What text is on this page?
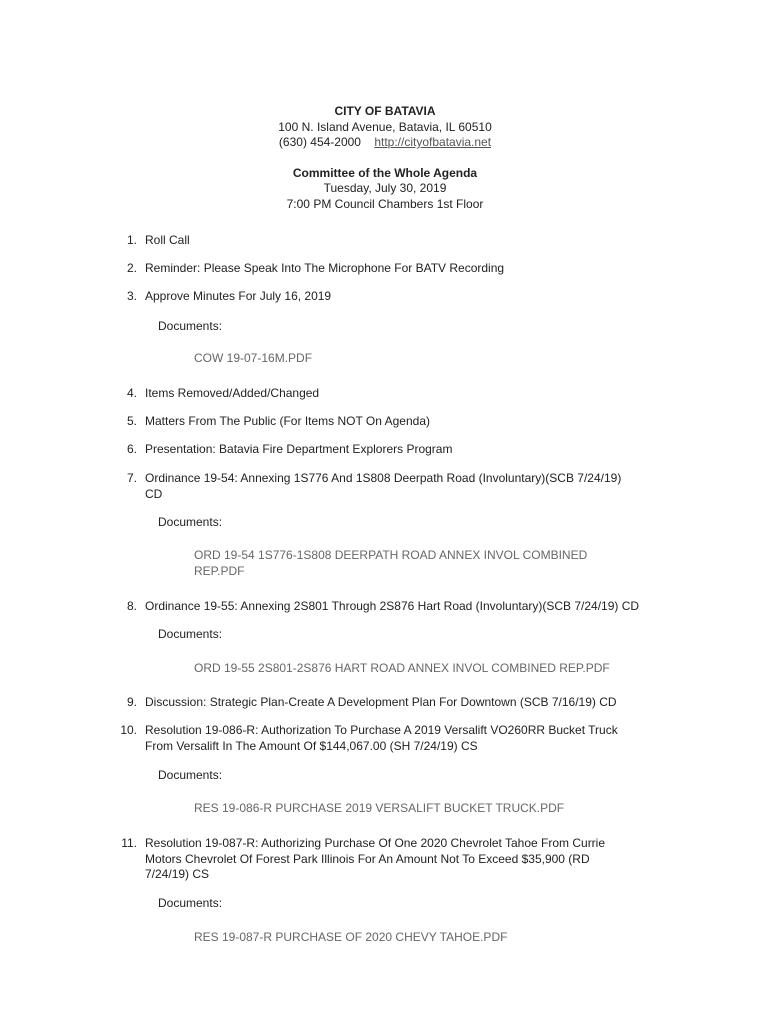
CITY OF BATAVIA
100 N. Island Avenue, Batavia, IL 60510
(630) 454-2000 http://cityofbatavia.net
Committee of the Whole Agenda
Tuesday, July 30, 2019
7:00 PM Council Chambers 1st Floor
1. Roll Call
2. Reminder: Please Speak Into The Microphone For BATV Recording
3. Approve Minutes For July 16, 2019
Documents:
COW 19-07-16M.PDF
4. Items Removed/Added/Changed
5. Matters From The Public (For Items NOT On Agenda)
6. Presentation: Batavia Fire Department Explorers Program
7. Ordinance 19-54: Annexing 1S776 And 1S808 Deerpath Road (Involuntary)(SCB 7/24/19)
CD
Documents:
ORD 19-54 1S776-1S808 DEERPATH ROAD ANNEX INVOL COMBINED
REP.PDF
8. Ordinance 19-55: Annexing 2S801 Through 2S876 Hart Road (Involuntary)(SCB 7/24/19) CD
Documents:
ORD 19-55 2S801-2S876 HART ROAD ANNEX INVOL COMBINED REP.PDF
9. Discussion: Strategic Plan-Create A Development Plan For Downtown (SCB 7/16/19) CD
10. Resolution 19-086-R: Authorization To Purchase A 2019 Versalift VO260RR Bucket Truck
From Versalift In The Amount Of $144,067.00 (SH 7/24/19) CS
Documents:
RES 19-086-R PURCHASE 2019 VERSALIFT BUCKET TRUCK.PDF
11. Resolution 19-087-R: Authorizing Purchase Of One 2020 Chevrolet Tahoe From Currie
Motors Chevrolet Of Forest Park Illinois For An Amount Not To Exceed $35,900 (RD
7/24/19) CS
Documents:
RES 19-087-R PURCHASE OF 2020 CHEVY TAHOE.PDF
